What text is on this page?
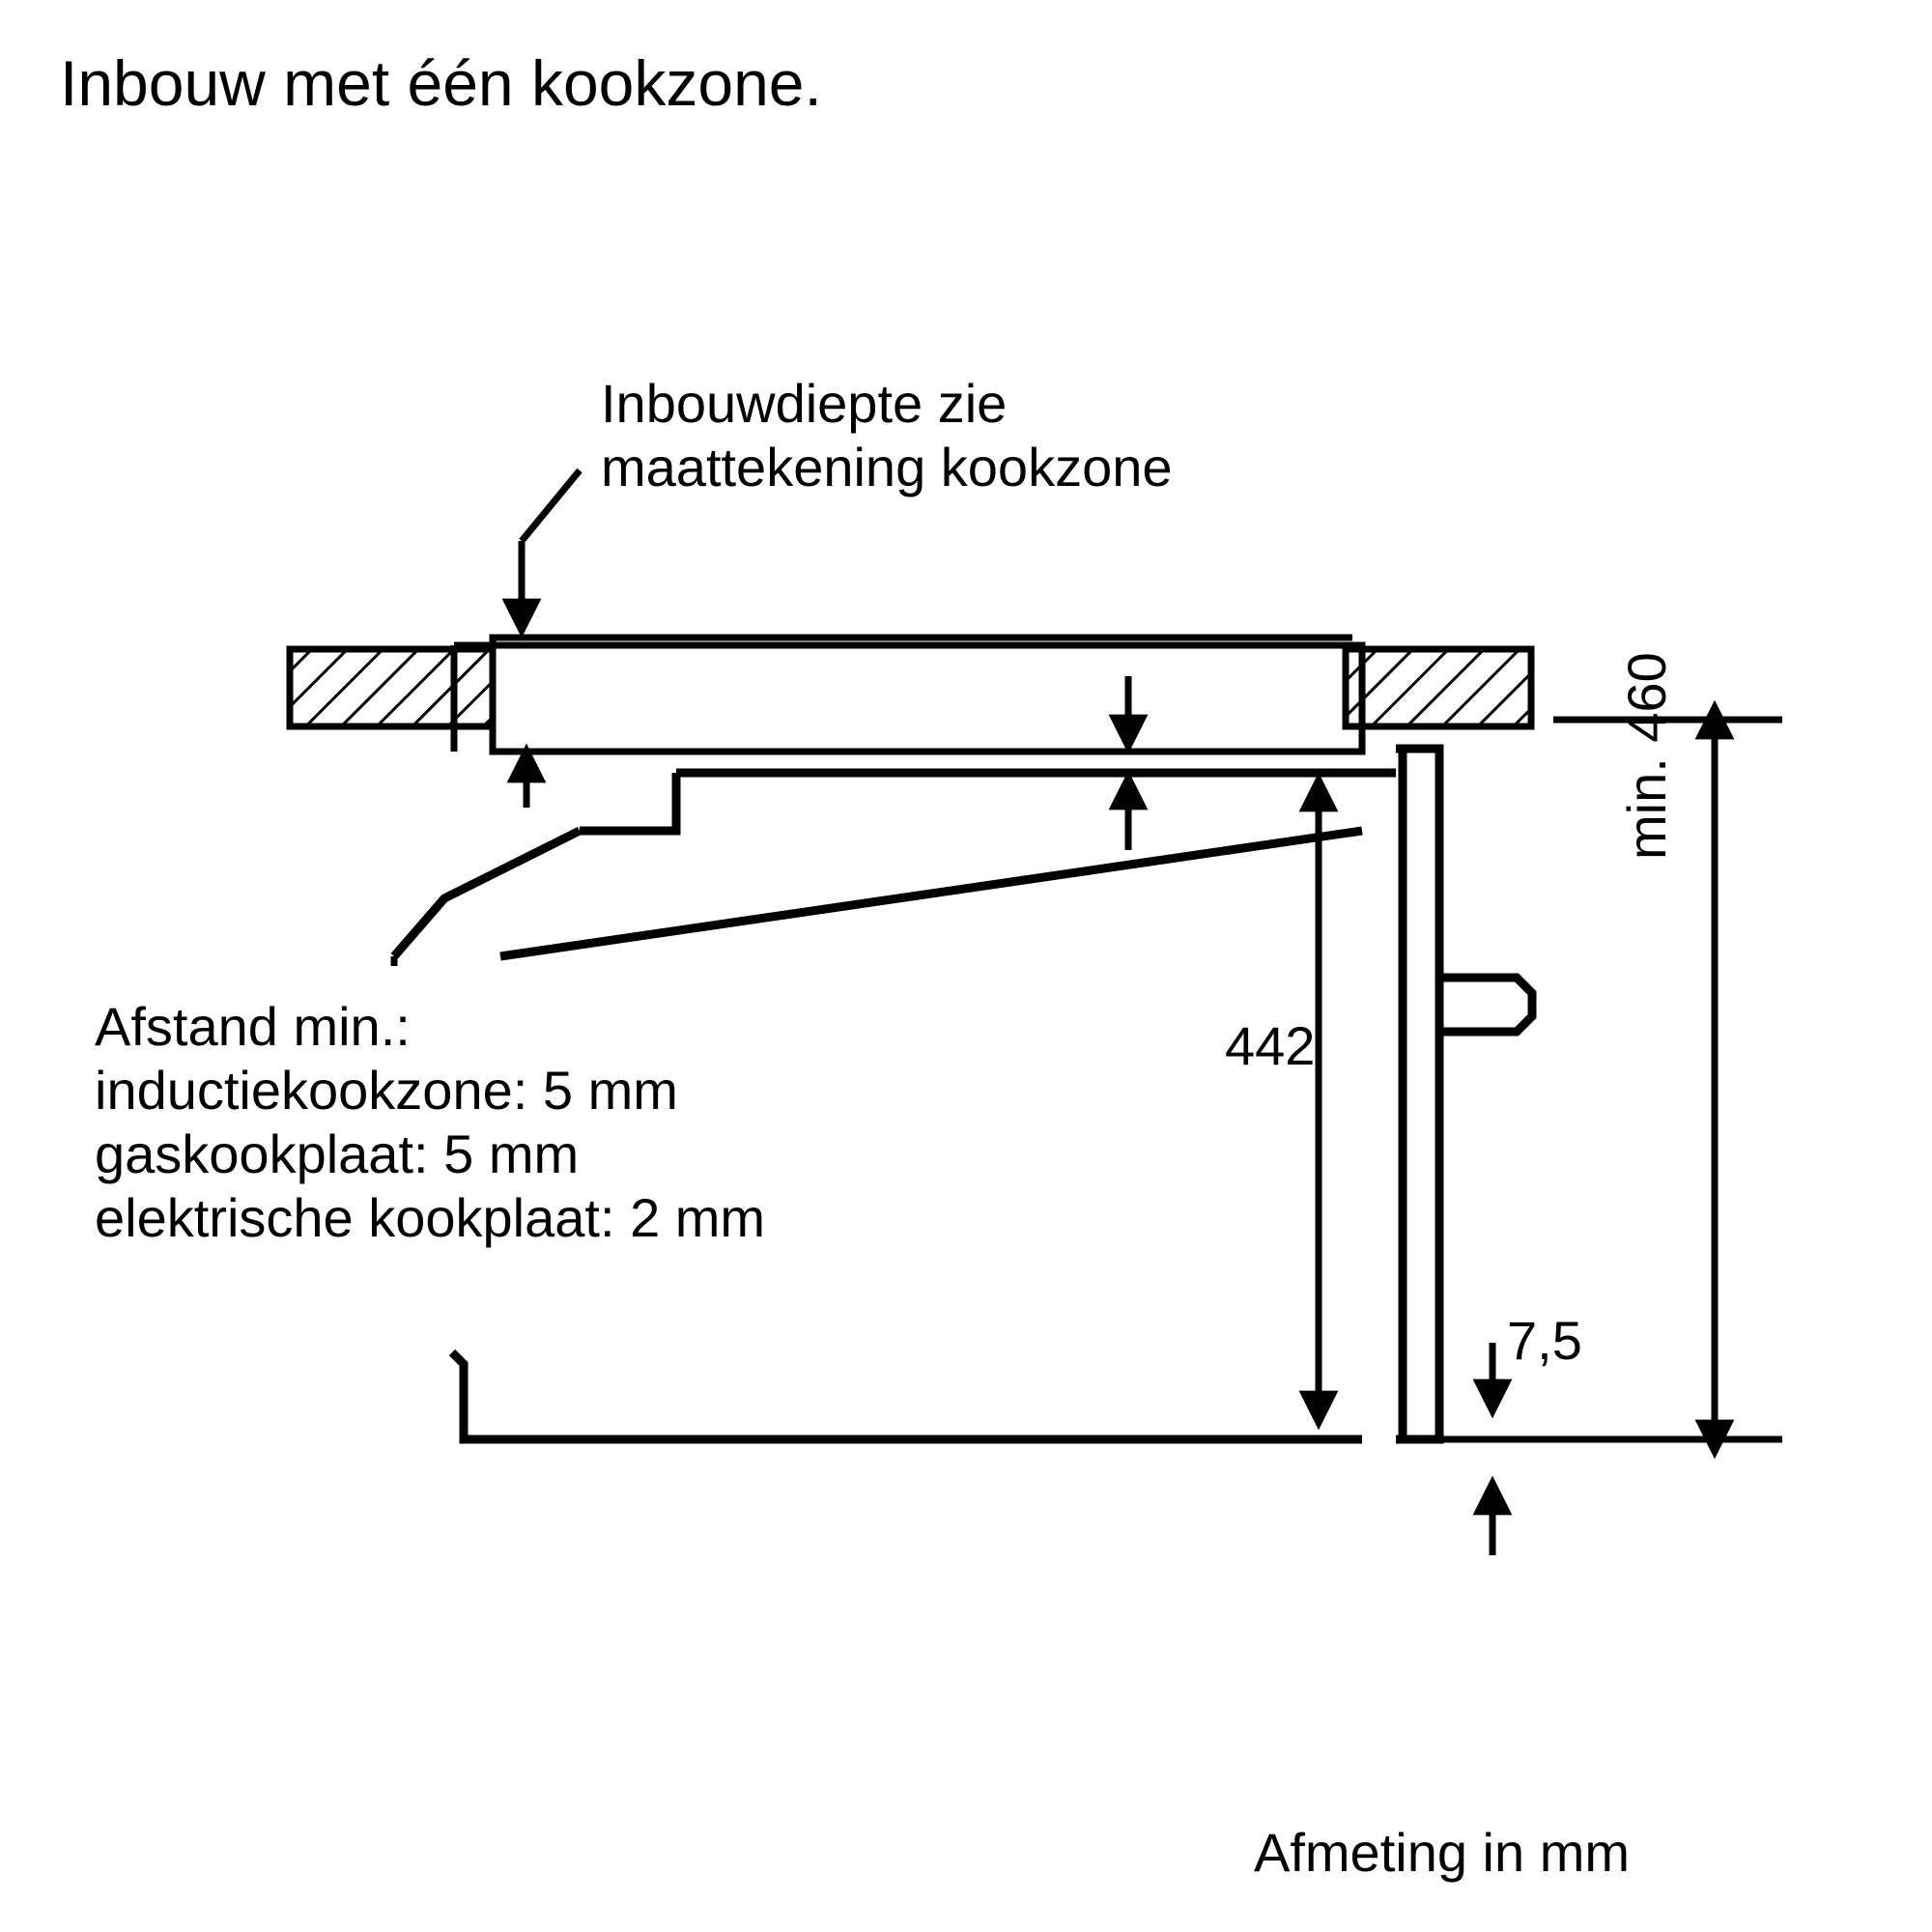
Inbouw met één kookzone.
Inbouwdiepte zie
maattekening kookzone
Afstand min.:
inductiekookzone: 5 mm
gaskookplaat: 5 mm
elektrische kookplaat: 2 mm
442
7,5
min. 460
Afmeting in mm
